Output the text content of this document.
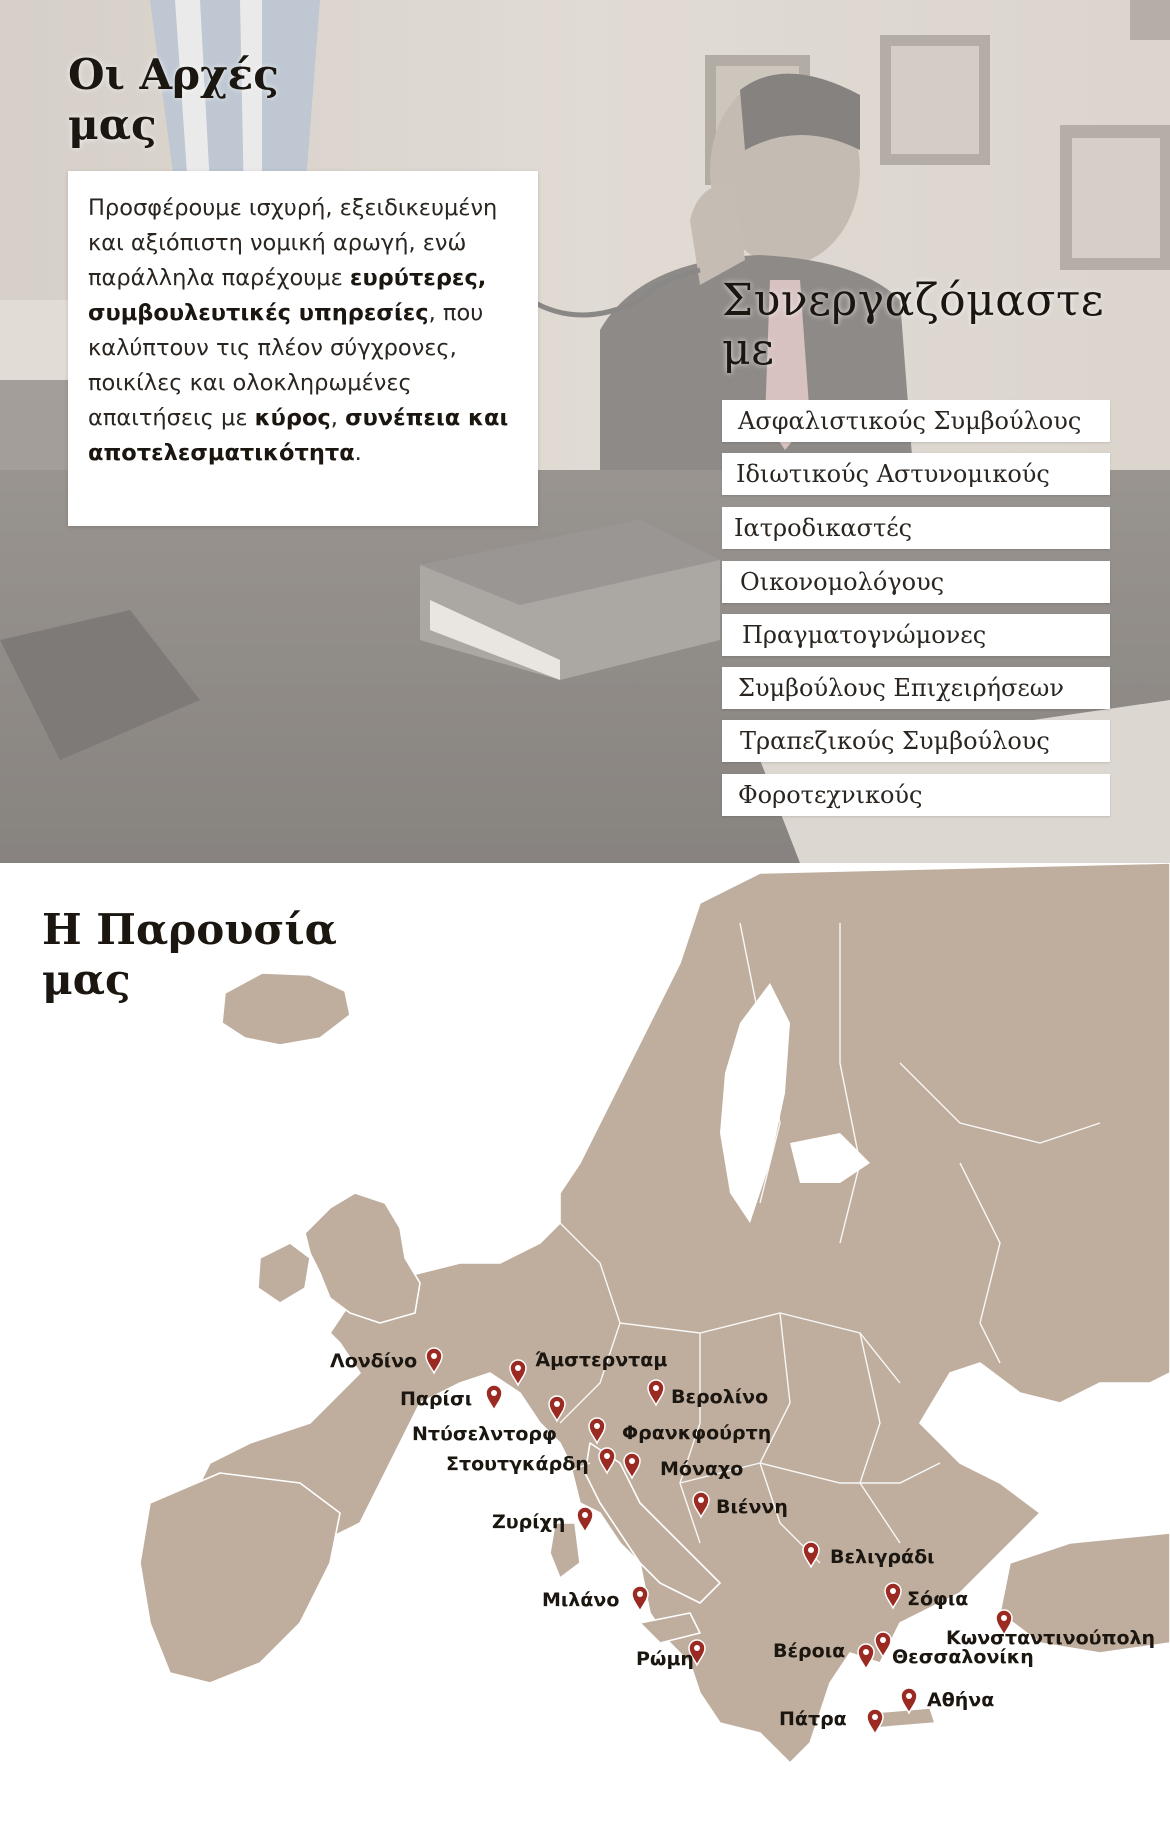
Οι Αρχές μας

Προσφέρουμε ισχυρή, εξειδικευμένη και αξιόπιστη νομική αρωγή, ενώ παράλληλα παρέχουμε ευρύτερες, συμβουλευτικές υπηρεσίες, που καλύπτουν τις πλέον σύγχρονες, ποικίλες και ολοκληρωμένες απαιτήσεις με κύρος, συνέπεια και αποτελεσματικότητα.

Συνεργαζόμαστε με
Ασφαλιστικούς Συμβούλους
Ιδιωτικούς Αστυνομικούς
Ιατροδικαστές
Οικονομολόγους
Πραγματογνώμονες
Συμβούλους Επιχειρήσεων
Τραπεζικούς Συμβούλους
Φοροτεχνικούς
Λονδίνο	Άμστερνταμ
Παρίσι	Βερολίνο
Ντύσελντορφ	Φρανκφούρτη
Στουτγκάρδη	Μόναχο
Βιέννη
Ζυρίχη
Βελιγράδι
Μιλάνο	Σόφια
Κωνσταντινούπολη
Ρώμη	Βέροια Θεσσαλονίκη
Αθήνα
Πάτρα
Η Παρουσία μας
